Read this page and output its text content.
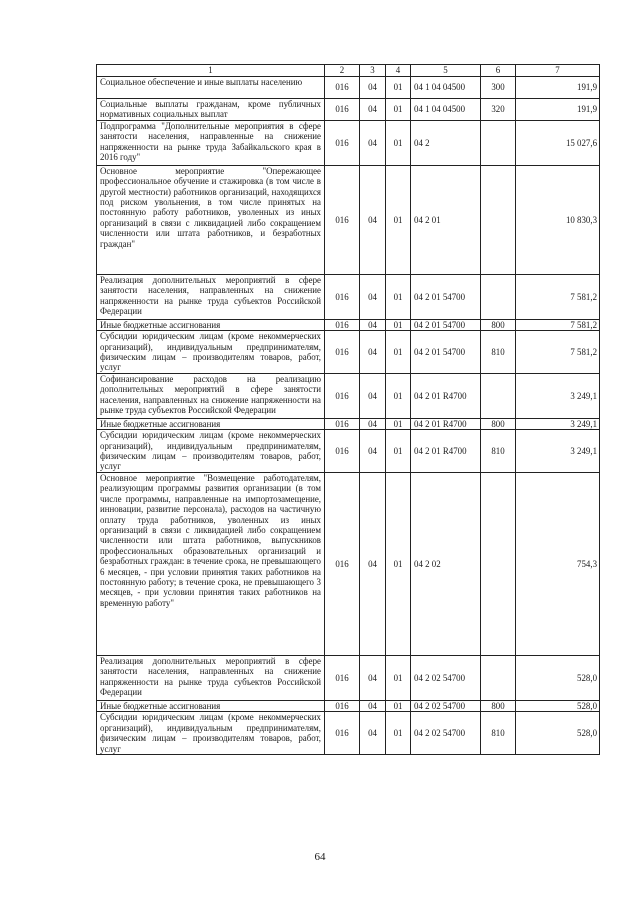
1	2	3	4	5	6	7
Социальное обеспечение и иные выплаты населению	016	04	01	04 1 04 04500	300	191,9
Социальные выплаты гражданам, кроме публичных нормативных социальных выплат	016	04	01	04 1 04 04500	320	191,9
Подпрограмма "Дополнительные мероприятия в сфере занятости населения, направленные на снижение напряженности на рынке труда Забайкальского края в 2016 году"	016	04	01	04 2		15 027,6
Основное мероприятие "Опережающее профессиональное обучение и стажировка (в том числе в другой местности) работников организаций, находящихся под риском увольнения, в том числе принятых на постоянную работу работников, уволенных из иных организаций в связи с ликвидацией либо сокращением численности или штата работников, и безработных граждан"	016	04	01	04 2 01		10 830,3
Реализация дополнительных мероприятий в сфере занятости населения, направленных на снижение напряженности на рынке труда субъектов Российской Федерации	016	04	01	04 2 01 54700		7 581,2
Иные бюджетные ассигнования	016	04	01	04 2 01 54700	800	7 581,2
Субсидии юридическим лицам (кроме некоммерческих организаций), индивидуальным предпринимателям, физическим лицам – производителям товаров, работ, услуг	016	04	01	04 2 01 54700	810	7 581,2
Софинансирование расходов на реализацию дополнительных мероприятий в сфере занятости населения, направленных на снижение напряженности на рынке труда субъектов Российской Федерации	016	04	01	04 2 01 R4700		3 249,1
Иные бюджетные ассигнования	016	04	01	04 2 01 R4700	800	3 249,1
Субсидии юридическим лицам (кроме некоммерческих организаций), индивидуальным предпринимателям, физическим лицам – производителям товаров, работ, услуг	016	04	01	04 2 01 R4700	810	3 249,1
Основное мероприятие "Возмещение работодателям, реализующим программы развития организации (в том числе программы, направленные на импортозамещение, инновации, развитие персонала), расходов на частичную оплату труда работников, уволенных из иных организаций в связи с ликвидацией либо сокращением численности или штата работников, выпускников профессиональных образовательных организаций и безработных граждан: в течение срока, не превышающего 6 месяцев, - при условии принятия таких работников на постоянную работу; в течение срока, не превышающего 3 месяцев, - при условии принятия таких работников на временную работу"	016	04	01	04 2 02		754,3
Реализация дополнительных мероприятий в сфере занятости населения, направленных на снижение напряженности на рынке труда субъектов Российской Федерации	016	04	01	04 2 02 54700		528,0
Иные бюджетные ассигнования	016	04	01	04 2 02 54700	800	528,0
Субсидии юридическим лицам (кроме некоммерческих организаций), индивидуальным предпринимателям, физическим лицам – производителям товаров, работ, услуг	016	04	01	04 2 02 54700	810	528,0
64
